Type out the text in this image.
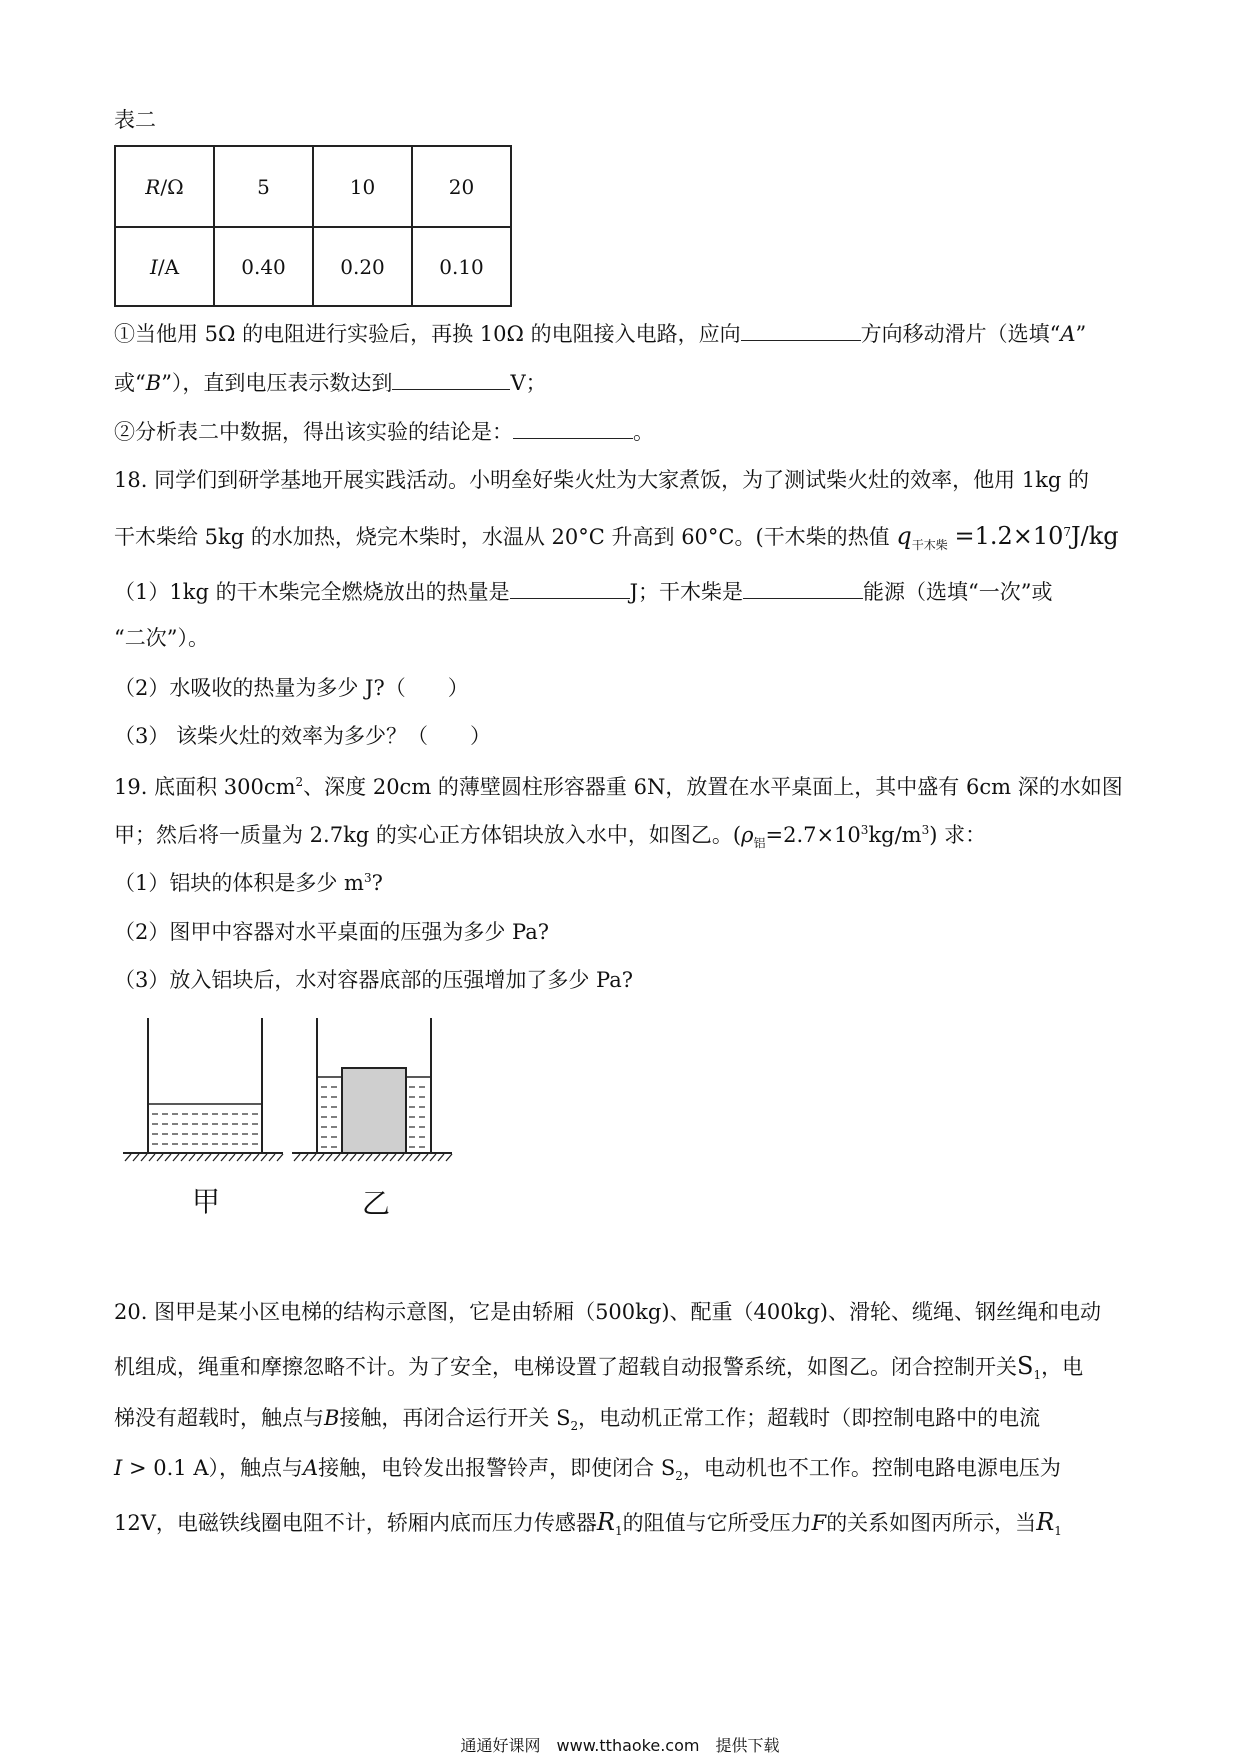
表二
R/Ω	5	10	20
I/A	0.40	0.20	0.10
①当他用 5Ω 的电阻进行实验后，再换 10Ω 的电阻接入电路，应向	方向移动滑片（选填“A”
或“B”），直到电压表示数达到	V；
②分析表二中数据，得出该实验的结论是：	。
18. 同学们到研学基地开展实践活动。小明垒好柴火灶为大家煮饭，为了测试柴火灶的效率，他用 1kg 的
干木柴给 5kg 的水加热，烧完木柴时，水温从 20°C 升高到 60°C。(干木柴的热值 $q_{干木柴} =1.2\times 10^7J/kg$
（1）1kg 的干木柴完全燃烧放出的热量是	J；干木柴是	能源（选填“一次”或
“二次”）。
（2）水吸收的热量为多少 J?（　　）
（3） 该柴火灶的效率为多少？（　　）
19. 底面积 $300cm^2$、深度 20cm 的薄壁圆柱形容器重 6N，放置在水平桌面上，其中盛有 6cm 深的水如图
甲；然后将一质量为 2.7kg 的实心正方体铝块放入水中，如图乙。$(\rho_铝=2.7\times 10^3kg/m^3)$ 求：
（1）铝块的体积是多少 $m^3$?
（2）图甲中容器对水平桌面的压强为多少 Pa?
（3）放入铝块后，水对容器底部的压强增加了多少 Pa?
甲	乙
20. 图甲是某小区电梯的结构示意图，它是由轿厢（500kg)、配重（400kg)、滑轮、缆绳、钢丝绳和电动
机组成，绳重和摩擦忽略不计。为了安全，电梯设置了超载自动报警系统，如图乙。闭合控制开关$S_1$，电
梯没有超载时，触点与B接触，再闭合运行开关 $S_2$，电动机正常工作；超载时（即控制电路中的电流
I > 0.1 A），触点与A接触，电铃发出报警铃声，即使闭合 $S_2$，电动机也不工作。控制电路电源电压为
12V，电磁铁线圈电阻不计，轿厢内底而压力传感器$R_1$的阻值与它所受压力F的关系如图丙所示，当$R_1$
通通好课网　www.tthaoke.com　提供下载
